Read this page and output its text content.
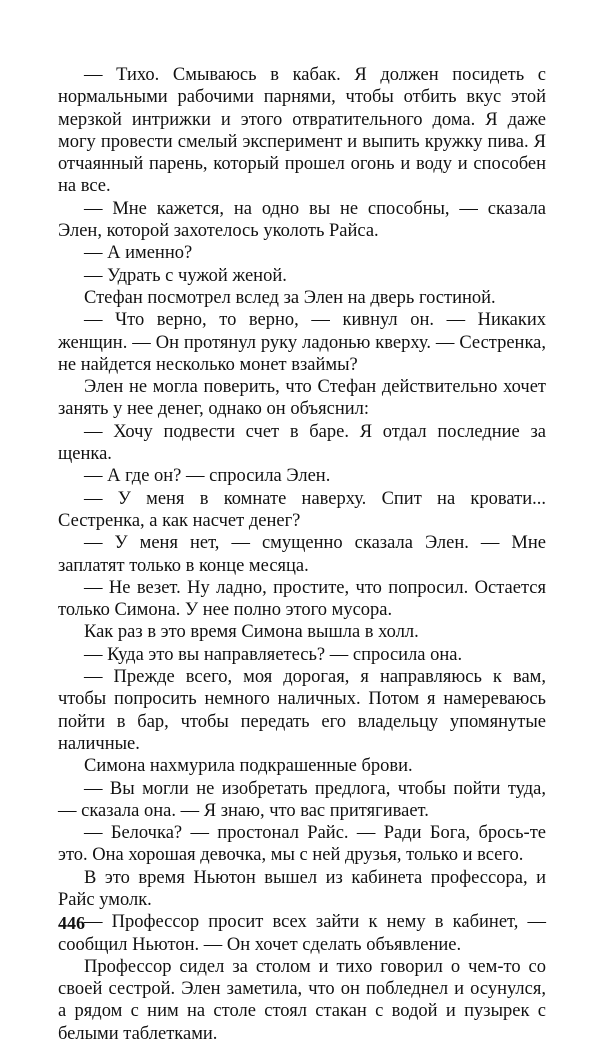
— Тихо. Смываюсь в кабак. Я должен посидеть с нормальными рабочими парнями, чтобы отбить вкус этой мерзкой интрижки и этого отвратительного дома. Я даже могу провести смелый эксперимент и выпить кружку пива. Я отчаянный парень, который прошел огонь и воду и способен на все.

— Мне кажется, на одно вы не способны, — сказала Элен, которой захотелось уколоть Райса.

— А именно?

— Удрать с чужой женой.

Стефан посмотрел вслед за Элен на дверь гостиной.

— Что верно, то верно, — кивнул он. — Никаких женщин. — Он протянул руку ладонью кверху. — Сестренка, не найдется несколько монет взаймы?

Элен не могла поверить, что Стефан действительно хочет занять у нее денег, однако он объяснил:

— Хочу подвести счет в баре. Я отдал последние за щенка.

— А где он? — спросила Элен.

— У меня в комнате наверху. Спит на кровати... Сестренка, а как насчет денег?

— У меня нет, — смущенно сказала Элен. — Мне заплатят только в конце месяца.

— Не везет. Ну ладно, простите, что попросил. Остается только Симона. У нее полно этого мусора.

Как раз в это время Симона вышла в холл.

— Куда это вы направляетесь? — спросила она.

— Прежде всего, моя дорогая, я направляюсь к вам, чтобы попросить немного наличных. Потом я намереваюсь пойти в бар, чтобы передать его владельцу упомянутые наличные.

Симона нахмурила подкрашенные брови.

— Вы могли не изобретать предлога, чтобы пойти туда, — сказала она. — Я знаю, что вас притягивает.

— Белочка? — простонал Райс. — Ради Бога, брось-те это. Она хорошая девочка, мы с ней друзья, только и всего.

В это время Ньютон вышел из кабинета профессора, и Райс умолк.

— Профессор просит всех зайти к нему в кабинет, — сообщил Ньютон. — Он хочет сделать объявление.

Профессор сидел за столом и тихо говорил о чем-то со своей сестрой. Элен заметила, что он побледнел и осунулся, а рядом с ним на столе стоял стакан с водой и пузырек с белыми таблетками.

446
